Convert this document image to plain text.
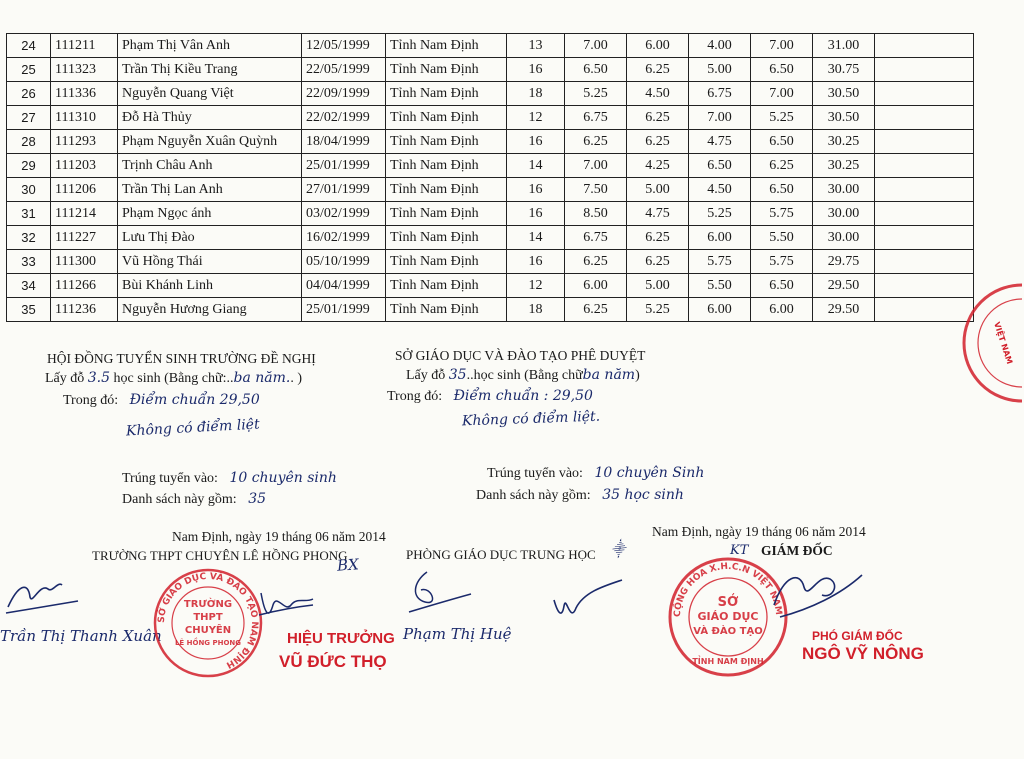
24	111211	Phạm Thị Vân Anh	12/05/1999	Tỉnh Nam Định	13	7.00	6.00	4.00	7.00	31.00	
25	111323	Trần Thị Kiều Trang	22/05/1999	Tỉnh Nam Định	16	6.50	6.25	5.00	6.50	30.75	
26	111336	Nguyễn Quang Việt	22/09/1999	Tỉnh Nam Định	18	5.25	4.50	6.75	7.00	30.50	
27	111310	Đỗ Hà Thủy	22/02/1999	Tỉnh Nam Định	12	6.75	6.25	7.00	5.25	30.50	
28	111293	Phạm Nguyễn Xuân Quỳnh	18/04/1999	Tỉnh Nam Định	16	6.25	6.25	4.75	6.50	30.25	
29	111203	Trịnh Châu Anh	25/01/1999	Tỉnh Nam Định	14	7.00	4.25	6.50	6.25	30.25	
30	111206	Trần Thị Lan Anh	27/01/1999	Tỉnh Nam Định	16	7.50	5.00	4.50	6.50	30.00	
31	111214	Phạm Ngọc ánh	03/02/1999	Tỉnh Nam Định	16	8.50	4.75	5.25	5.75	30.00	
32	111227	Lưu Thị Đào	16/02/1999	Tỉnh Nam Định	14	6.75	6.25	6.00	5.50	30.00	
33	111300	Vũ Hồng Thái	05/10/1999	Tỉnh Nam Định	16	6.25	6.25	5.75	5.75	29.75	
34	111266	Bùi Khánh Linh	04/04/1999	Tỉnh Nam Định	12	6.00	5.00	5.50	6.50	29.50	
35	111236	Nguyễn Hương Giang	25/01/1999	Tỉnh Nam Định	18	6.25	5.25	6.00	6.00	29.50	
HỘI ĐỒNG TUYỂN SINH TRƯỜNG ĐỀ NGHỊ
Lấy đỗ 3.5 học sinh (Bằng chữ:..ba năm.. )
Trong đó: Điểm chuẩn 29,50
Không có điểm liệt
Trúng tuyển vào: 10 chuyên sinh
Danh sách này gồm: 35
Nam Định, ngày 19 tháng 06 năm 2014
TRƯỜNG THPT CHUYÊN LÊ HỒNG PHONG
BX
Trần Thị Thanh Xuân
SỞ GIÁO DỤC VÀ ĐÀO TẠO NAM ĐỊNH
TRƯỜNG
THPT
CHUYÊN
LÊ HỒNG PHONG	HIỆU TRƯỞNG
VŨ ĐỨC THỌ
SỞ GIÁO DỤC VÀ ĐÀO TẠO PHÊ DUYỆT
Lấy đỗ 35..học sinh (Bằng chữba năm)
Trong đó: Điểm chuẩn : 29,50
Không có điểm liệt.
Trúng tuyển vào: 10 chuyên Sinh
Danh sách này gồm: 35 học sinh
Nam Định, ngày 19 tháng 06 năm 2014
PHÒNG GIÁO DỤC TRUNG HỌC ⸎	KT GIÁM ĐỐC
Phạm Thị Huệ
CỘNG HÒA X.H.C.N VIỆT NAM
SỞ
GIÁO DỤC
VÀ ĐÀO TẠO
TỈNH NAM ĐỊNH
PHÓ GIÁM ĐỐC
NGÔ VỸ NÔNG
VIỆT NAM
